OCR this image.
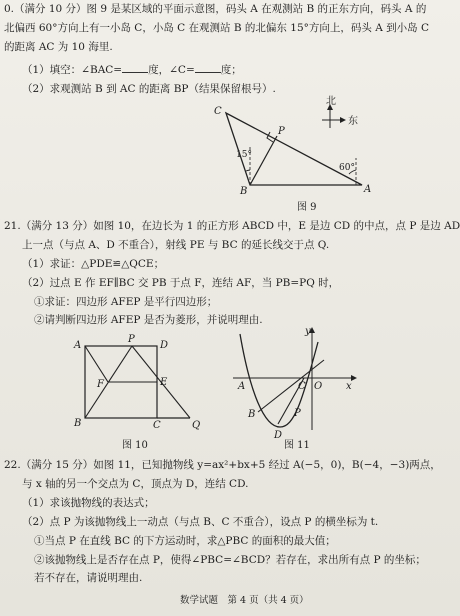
0.（满分 10 分）图 9 是某区域的平面示意图，码头 A 在观测站 B 的正东方向，码头 A 的
北偏西 60°方向上有一小岛 C，小岛 C 在观测站 B 的北偏东 15°方向上，码头 A 到小岛 C
的距离 AC 为 10 海里.
（1）填空：∠BAC= 度，∠C= 度；
（2）求观测站 B 到 AC 的距离 BP（结果保留根号）.
北
东
15°
60°
C
P
B	A
图 9
21.（满分 13 分）如图 10，在边长为 1 的正方形 ABCD 中，E 是边 CD 的中点，点 P 是边 AD
上一点（与点 A、D 不重合），射线 PE 与 BC 的延长线交于点 Q.
（1）求证：△PDE≌△QCE；
（2）过点 E 作 EF∥BC 交 PB 于点 F，连结 AF，当 PB=PQ 时，
①求证：四边形 AFEP 是平行四边形；
②请判断四边形 AFEP 是否为菱形，并说明理由.
A
P
D
E
F
B	C	Q
图 10
y
x
O
C
A
B
D
P
图 11
22.（满分 15 分）如图 11，已知抛物线 y=ax²+bx+5 经过 A(−5，0)，B(−4，−3)两点，
与 x 轴的另一个交点为 C，顶点为 D，连结 CD.
（1）求该抛物线的表达式；
（2）点 P 为该抛物线上一动点（与点 B、C 不重合），设点 P 的横坐标为 t.
①当点 P 在直线 BC 的下方运动时，求△PBC 的面积的最大值；
②该抛物线上是否存在点 P，使得∠PBC=∠BCD？若存在，求出所有点 P 的坐标；
若不存在，请说明理由.
数学试题　第 4 页（共 4 页）
